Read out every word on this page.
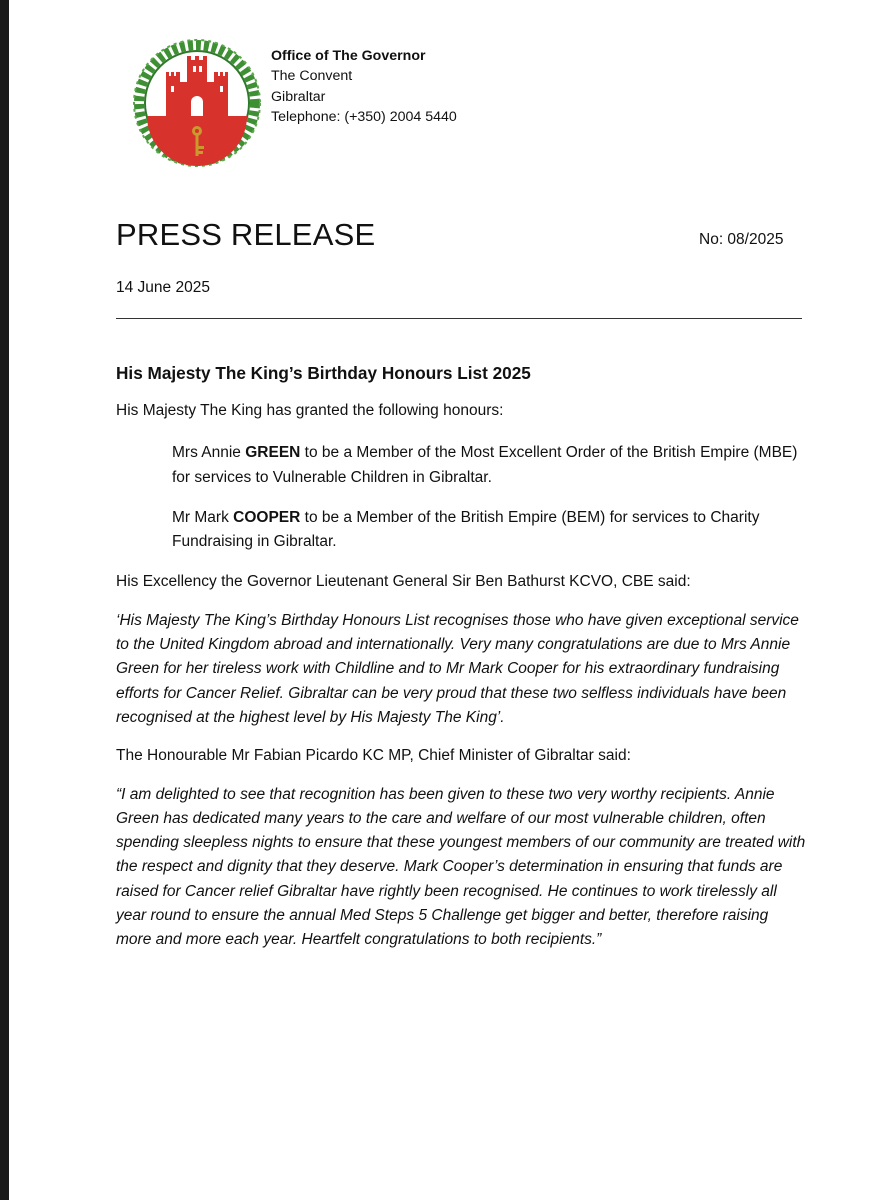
Office of The Governor
The Convent
Gibraltar
Telephone: (+350) 2004 5440
PRESS RELEASE	No: 08/2025
14 June 2025
His Majesty The King’s Birthday Honours List 2025

His Majesty The King has granted the following honours:

Mrs Annie GREEN to be a Member of the Most Excellent Order of the British Empire (MBE) for services to Vulnerable Children in Gibraltar.

Mr Mark COOPER to be a Member of the British Empire (BEM) for services to Charity Fundraising in Gibraltar.

His Excellency the Governor Lieutenant General Sir Ben Bathurst KCVO, CBE said:

‘His Majesty The King’s Birthday Honours List recognises those who have given exceptional service to the United Kingdom abroad and internationally. Very many congratulations are due to Mrs Annie Green for her tireless work with Childline and to Mr Mark Cooper for his extraordinary fundraising efforts for Cancer Relief. Gibraltar can be very proud that these two selfless individuals have been recognised at the highest level by His Majesty The King’.

The Honourable Mr Fabian Picardo KC MP, Chief Minister of Gibraltar said:

“I am delighted to see that recognition has been given to these two very worthy recipients. Annie Green has dedicated many years to the care and welfare of our most vulnerable children, often spending sleepless nights to ensure that these youngest members of our community are treated with the respect and dignity that they deserve. Mark Cooper’s determination in ensuring that funds are raised for Cancer relief Gibraltar have rightly been recognised. He continues to work tirelessly all year round to ensure the annual Med Steps 5 Challenge get bigger and better, therefore raising more and more each year. Heartfelt congratulations to both recipients.”
